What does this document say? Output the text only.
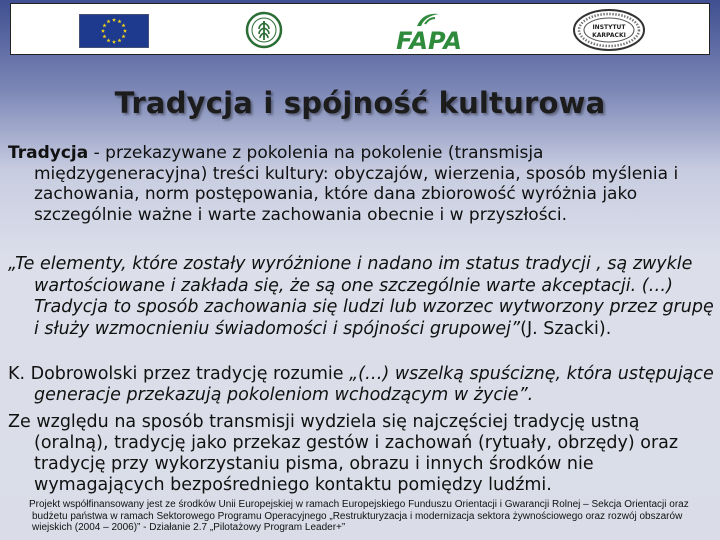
FAPA	INSTYTUT
KARPACKI
Tradycja i spójność kulturowa

Tradycja - przekazywane z pokolenia na pokolenie (transmisja międzygeneracyjna) treści kultury: obyczajów, wierzenia, sposób myślenia i zachowania, norm postępowania, które dana zbiorowość wyróżnia jako szczególnie ważne i warte zachowania obecnie i w przyszłości.

„Te elementy, które zostały wyróżnione i nadano im status tradycji , są zwykle wartościowane i zakłada się, że są one szczególnie warte akceptacji. (…) Tradycja to sposób zachowania się ludzi lub wzorzec wytworzony przez grupę i służy wzmocnieniu świadomości i spójności grupowej”(J. Szacki).

K. Dobrowolski przez tradycję rozumie „(…) wszelką spuściznę, która ustępujące generacje przekazują pokoleniom wchodzącym w życie”.

Ze względu na sposób transmisji wydziela się najczęściej tradycję ustną (oralną), tradycję jako przekaz gestów i zachowań (rytuały, obrzędy) oraz tradycję przy wykorzystaniu pisma, obrazu i innych środków nie wymagających bezpośredniego kontaktu pomiędzy ludźmi.

Projekt współfinansowany jest ze środków Unii Europejskiej w ramach Europejskiego Funduszu Orientacji i Gwarancji Rolnej – Sekcja Orientacji oraz budżetu państwa w ramach Sektorowego Programu Operacyjnego „Restrukturyzacja i modernizacja sektora żywnościowego oraz rozwój obszarów wiejskich (2004 – 2006)” - Działanie 2.7 „Pilotażowy Program Leader+”
